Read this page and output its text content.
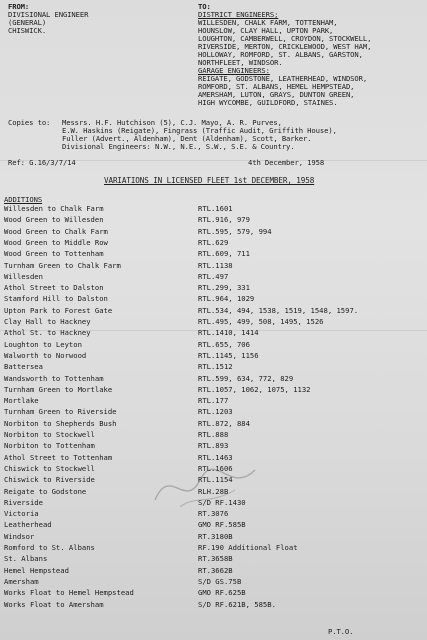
FROM:
DIVISIONAL ENGINEER
(GENERAL)
CHISWICK.
TO:
DISTRICT ENGINEERS;
WILLESDEN, CHALK FARM, TOTTENHAM,
HOUNSLOW, CLAY HALL, UPTON PARK,
LOUGHTON, CAMBERWELL, CROYDON, STOCKWELL,
RIVERSIDE, MERTON, CRICKLEWOOD, WEST HAM,
HOLLOWAY, ROMFORD, ST. ALBANS, GARSTON,
NORTHFLEET, WINDSOR.
GARAGE ENGINEERS:
REIGATE, GODSTONE, LEATHERHEAD, WINDSOR,
ROMFORD, ST. ALBANS, HEMEL HEMPSTEAD,
AMERSHAM, LUTON, GRAYS, DUNTON GREEN,
HIGH WYCOMBE, GUILDFORD, STAINES.
Copies to: Messrs. H.F. Hutchison (5), C.J. Mayo, A. R. Purves,
E.W. Haskins (Reigate), Fingrass (Traffic Audit, Griffith House),
Fuller (Advert., Aldenham), Dent (Aldenham), Scott, Barker.
Divisional Engineers: N.W., N.E., S.W., S.E. & Country.
Ref: G.16/3/7/14	4th December, 1958
VARIATIONS IN LICENSED FLEET 1st DECEMBER, 1958
ADDITIONS
Willesden to Chalk Farm	RTL.1601
Wood Green to Willesden	RTL.916, 979
Wood Green to Chalk Farm	RTL.595, 579, 994
Wood Green to Middle Row	RTL.629
Wood Green to Tottenham	RTL.609, 711
Turnham Green to Chalk Farm	RTL.1138
Willesden	RTL.497
Athol Street to Dalston	RTL.299, 331
Stamford Hill to Dalston	RTL.964, 1029
Upton Park to Forest Gate	RTL.534, 494, 1538, 1519, 1548, 1597.
Clay Hall to Hackney	RTL.495, 499, 508, 1495, 1526
Athol St. to Hackney	RTL.1410, 1414
Loughton to Leyton	RTL.655, 706
Walworth to Norwood	RTL.1145, 1156
Battersea	RTL.1512
Wandsworth to Tottenham	RTL.599, 634, 772, 829
Turnham Green to Mortlake	RTL.1057, 1062, 1075, 1132
Mortlake	RTL.177
Turnham Green to Riverside	RTL.1203
Norbiton to Shepherds Bush	RTL.872, 884
Norbiton to Stockwell	RTL.888
Norbiton to Tottenham	RTL.893
Athol Street to Tottenham	RTL.1463
Chiswick to Stockwell	RTL.1606
Chiswick to Riverside	RTL.1154
Reigate to Godstone	RLH.28B
Riverside	S/D RF.1430
Victoria	RT.3076
Leatherhead	GMO RF.585B
Windsor	RT.3180B
Romford to St. Albans	RF.190 Additional Float
St. Albans	RT.3658B
Hemel Hempstead	RT.3662B
Amersham	S/D GS.75B
Works Float to Hemel Hempstead	GMO RF.625B
Works Float to Amersham	S/D RF.621B, 585B.
P.T.O.
